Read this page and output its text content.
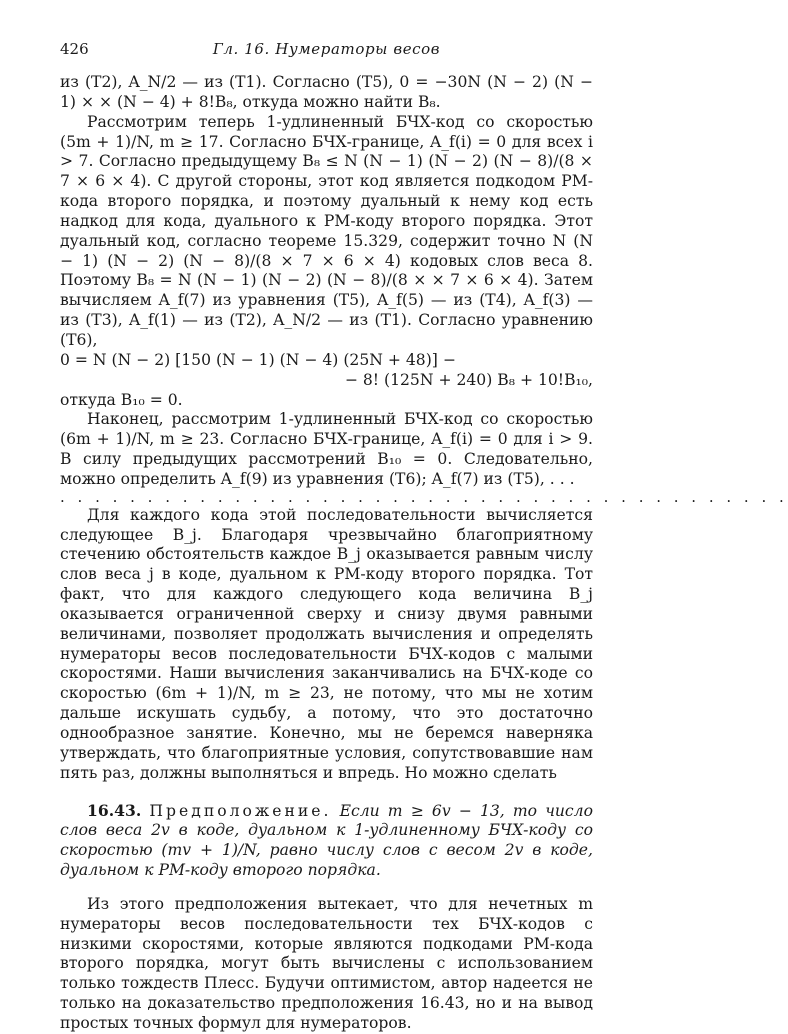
426	Гл. 16. Нумераторы весов

из (Т2), A_N/2 — из (Т1). Согласно (Т5), 0 = −30N (N − 2) (N − 1) × × (N − 4) + 8!B₈, откуда можно найти B₈.

Рассмотрим теперь 1-удлиненный БЧХ-код со скоростью (5m + 1)/N, m ≥ 17. Согласно БЧХ-границе, A_f(i) = 0 для всех i > 7. Согласно предыдущему B₈ ≤ N (N − 1) (N − 2) (N − 8)/(8 × 7 × 6 × 4). С другой стороны, этот код является подкодом РМ-кода второго порядка, и поэтому дуальный к нему код есть надкод для кода, дуального к РМ-коду второго порядка. Этот дуальный код, согласно теореме 15.329, содержит точно N (N − 1) (N − 2) (N − 8)/(8 × 7 × 6 × 4) кодовых слов веса 8. Поэтому B₈ = N (N − 1) (N − 2) (N − 8)/(8 × × 7 × 6 × 4). Затем вычисляем A_f(7) из уравнения (Т5), A_f(5) — из (Т4), A_f(3) — из (Т3), A_f(1) — из (Т2), A_N/2 — из (Т1). Согласно уравнению (Т6),

0 = N (N − 2) [150 (N − 1) (N − 4) (25N + 48)] −
− 8! (125N + 240) B₈ + 10!B₁₀,

откуда B₁₀ = 0.

Наконец, рассмотрим 1-удлиненный БЧХ-код со скоростью (6m + 1)/N, m ≥ 23. Согласно БЧХ-границе, A_f(i) = 0 для i > 9. В силу предыдущих рассмотрений B₁₀ = 0. Следовательно, можно определить A_f(9) из уравнения (Т6); A_f(7) из (Т5), . . .

. . . . . . . . . . . . . . . . . . . . . . . . . . . . . . . . . . . . . . . . . .

Для каждого кода этой последовательности вычисляется следующее B_j. Благодаря чрезвычайно благоприятному стечению обстоятельств каждое B_j оказывается равным числу слов веса j в коде, дуальном к РМ-коду второго порядка. Тот факт, что для каждого следующего кода величина B_j оказывается ограниченной сверху и снизу двумя равными величинами, позволяет продолжать вычисления и определять нумераторы весов последовательности БЧХ-кодов с малыми скоростями. Наши вычисления заканчивались на БЧХ-коде со скоростью (6m + 1)/N, m ≥ 23, не потому, что мы не хотим дальше искушать судьбу, а потому, что это достаточно однообразное занятие. Конечно, мы не беремся наверняка утверждать, что благоприятные условия, сопутствовавшие нам пять раз, должны выполняться и впредь. Но можно сделать

16.43. Предположение. Если m ≥ 6v − 13, то число слов веса 2v в коде, дуальном к 1-удлиненному БЧХ-коду со скоростью (mv + 1)/N, равно числу слов с весом 2v в коде, дуальном к РМ-коду второго порядка.

Из этого предположения вытекает, что для нечетных m нумераторы весов последовательности тех БЧХ-кодов с низкими скоростями, которые являются подкодами РМ-кода второго порядка, могут быть вычислены с использованием только тождеств Плесс. Будучи оптимистом, автор надеется не только на доказательство предположения 16.43, но и на вывод простых точных формул для нумераторов.
